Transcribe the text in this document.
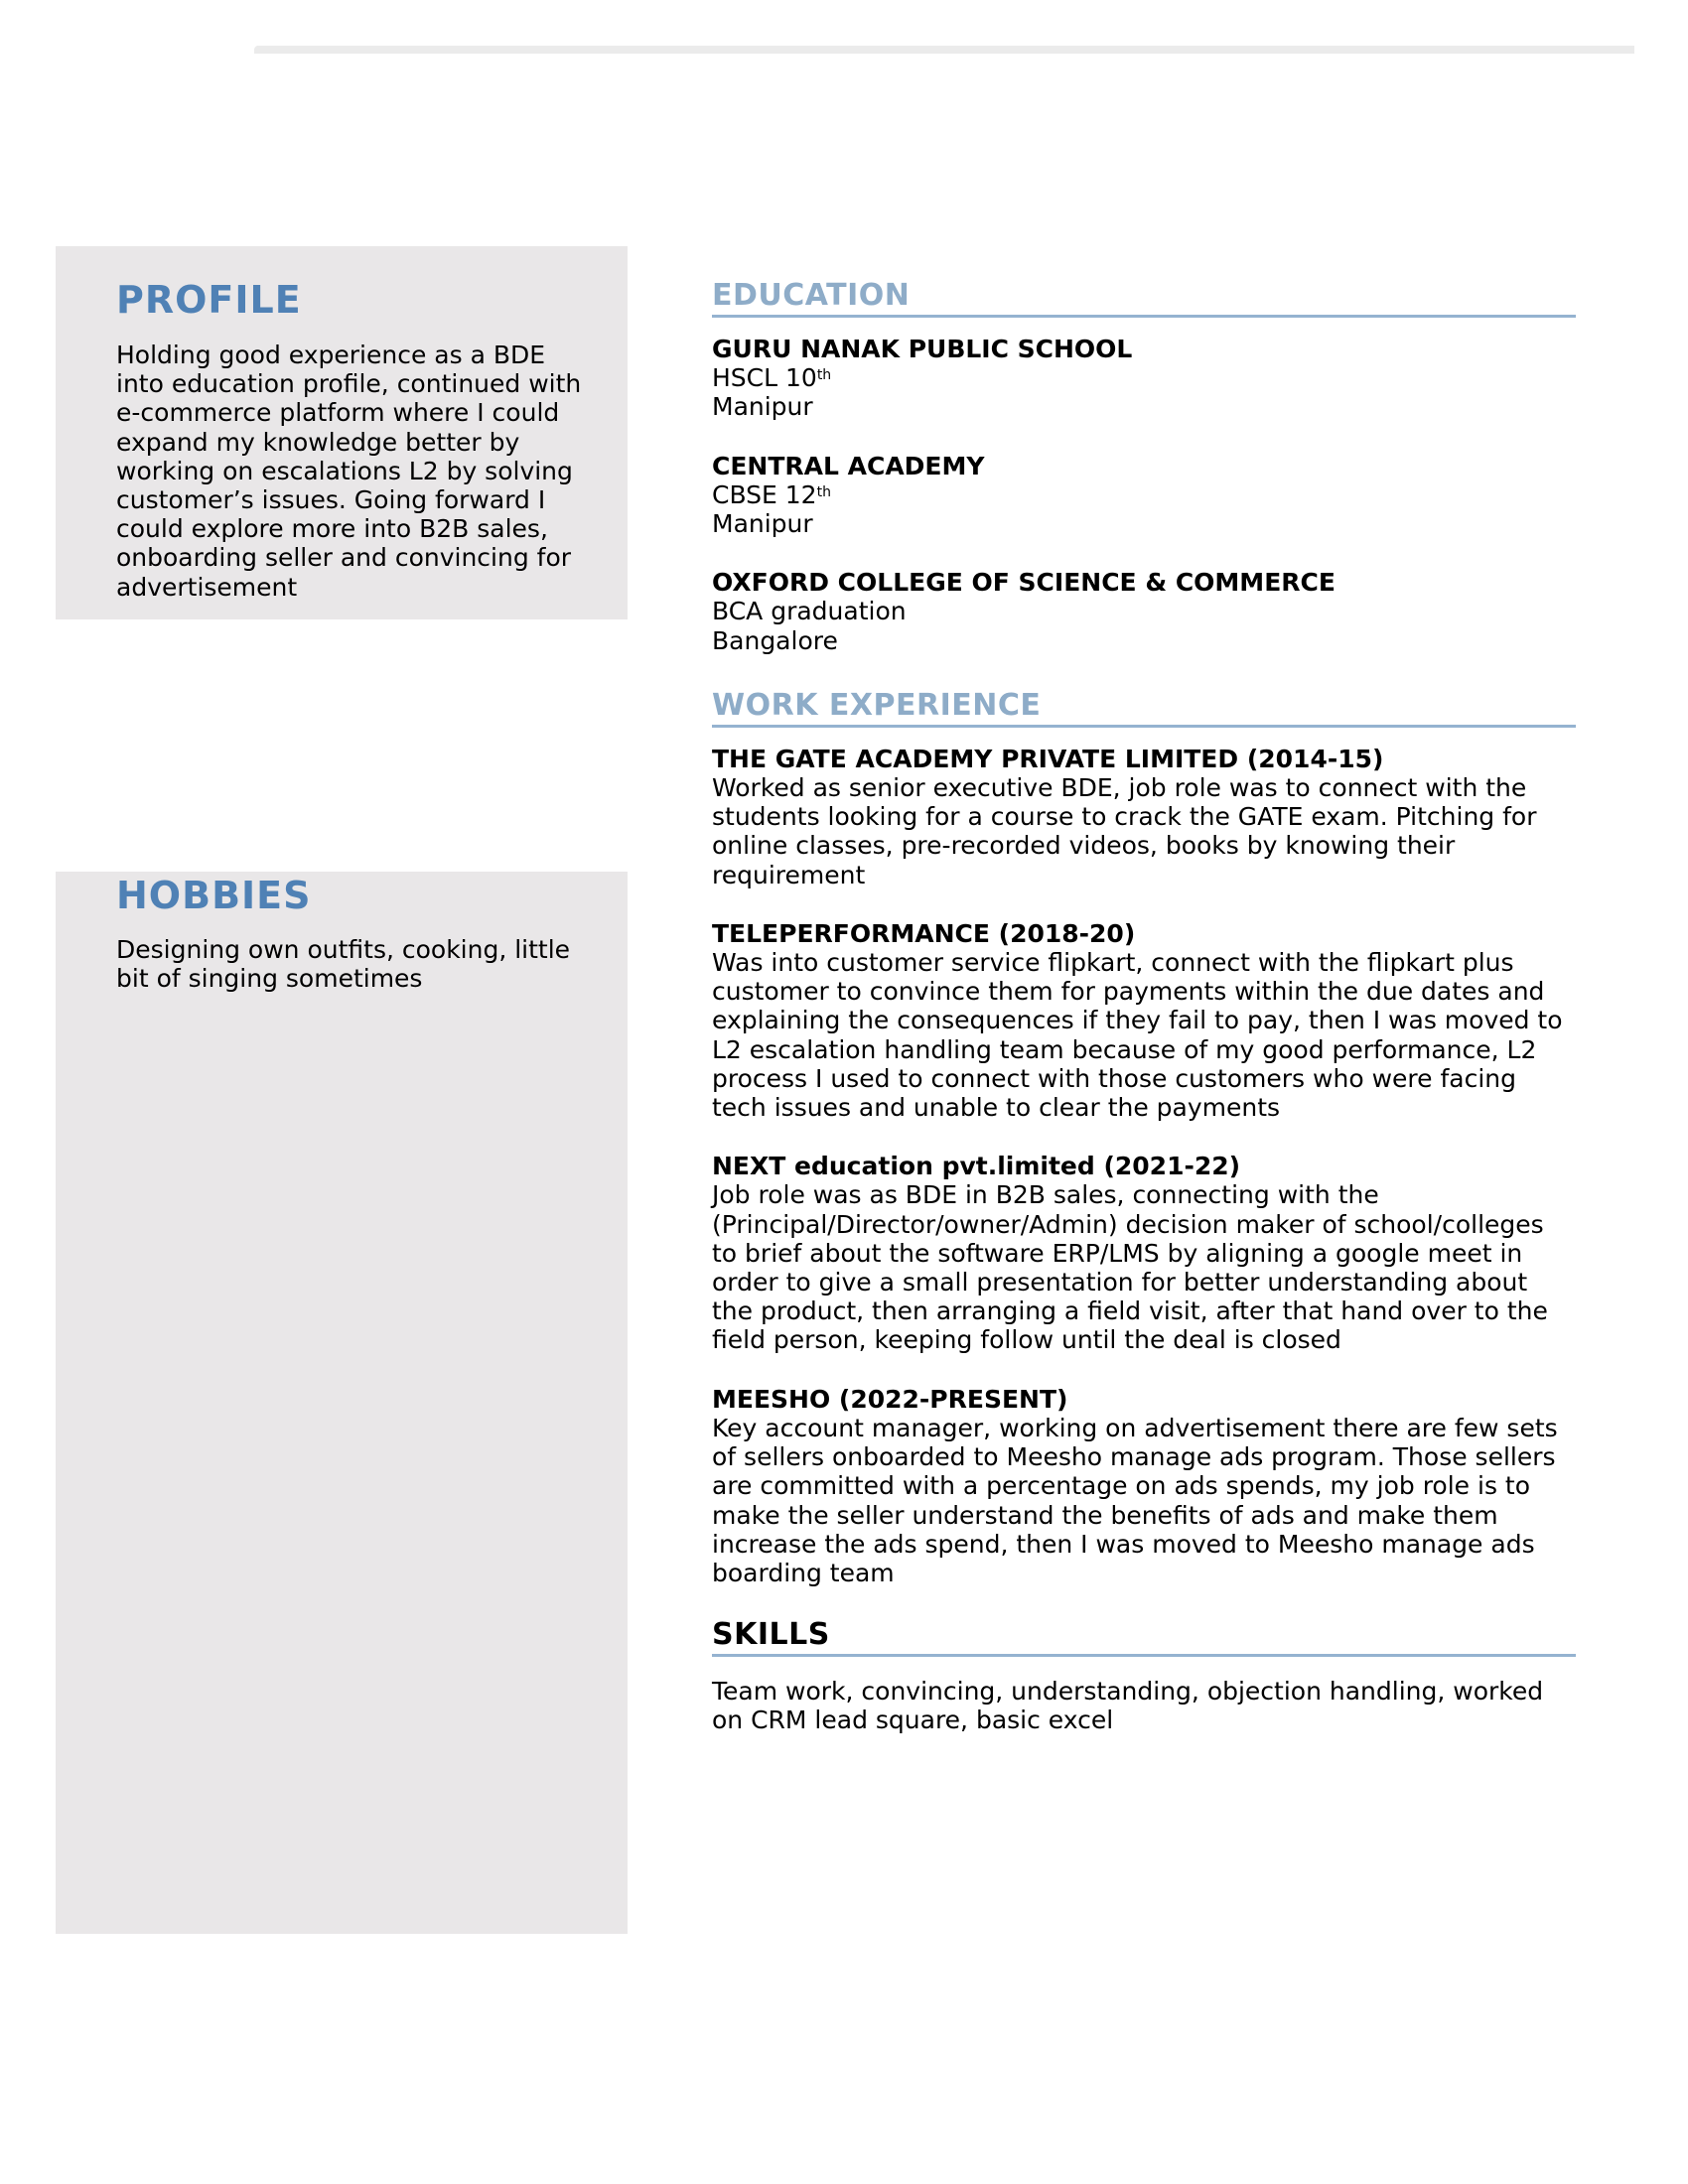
PROFILE

Holding good experience as a BDE into education profile, continued with e-commerce platform where I could expand my knowledge better by working on escalations L2 by solving customer’s issues. Going forward I could explore more into B2B sales, onboarding seller and convincing for advertisement

HOBBIES

Designing own outfits, cooking, little bit of singing sometimes

EDUCATION

GURU NANAK PUBLIC SCHOOL

HSCL 10th

Manipur

CENTRAL ACADEMY

CBSE 12th

Manipur

OXFORD COLLEGE OF SCIENCE & COMMERCE

BCA graduation

Bangalore

WORK EXPERIENCE

THE GATE ACADEMY PRIVATE LIMITED (2014-15)

Worked as senior executive BDE, job role was to connect with the students looking for a course to crack the GATE exam. Pitching for online classes, pre-recorded videos, books by knowing their requirement

TELEPERFORMANCE (2018-20)

Was into customer service flipkart, connect with the flipkart plus customer to convince them for payments within the due dates and explaining the consequences if they fail to pay, then I was moved to L2 escalation handling team because of my good performance, L2 process I used to connect with those customers who were facing tech issues and unable to clear the payments

NEXT education pvt.limited (2021-22)

Job role was as BDE in B2B sales, connecting with the (Principal/Director/owner/Admin) decision maker of school/colleges to brief about the software ERP/LMS by aligning a google meet in order to give a small presentation for better understanding about the product, then arranging a field visit, after that hand over to the field person, keeping follow until the deal is closed

MEESHO (2022-PRESENT)

Key account manager, working on advertisement there are few sets of sellers onboarded to Meesho manage ads program. Those sellers are committed with a percentage on ads spends, my job role is to make the seller understand the benefits of ads and make them increase the ads spend, then I was moved to Meesho manage ads boarding team

SKILLS

Team work, convincing, understanding, objection handling, worked on CRM lead square, basic excel
